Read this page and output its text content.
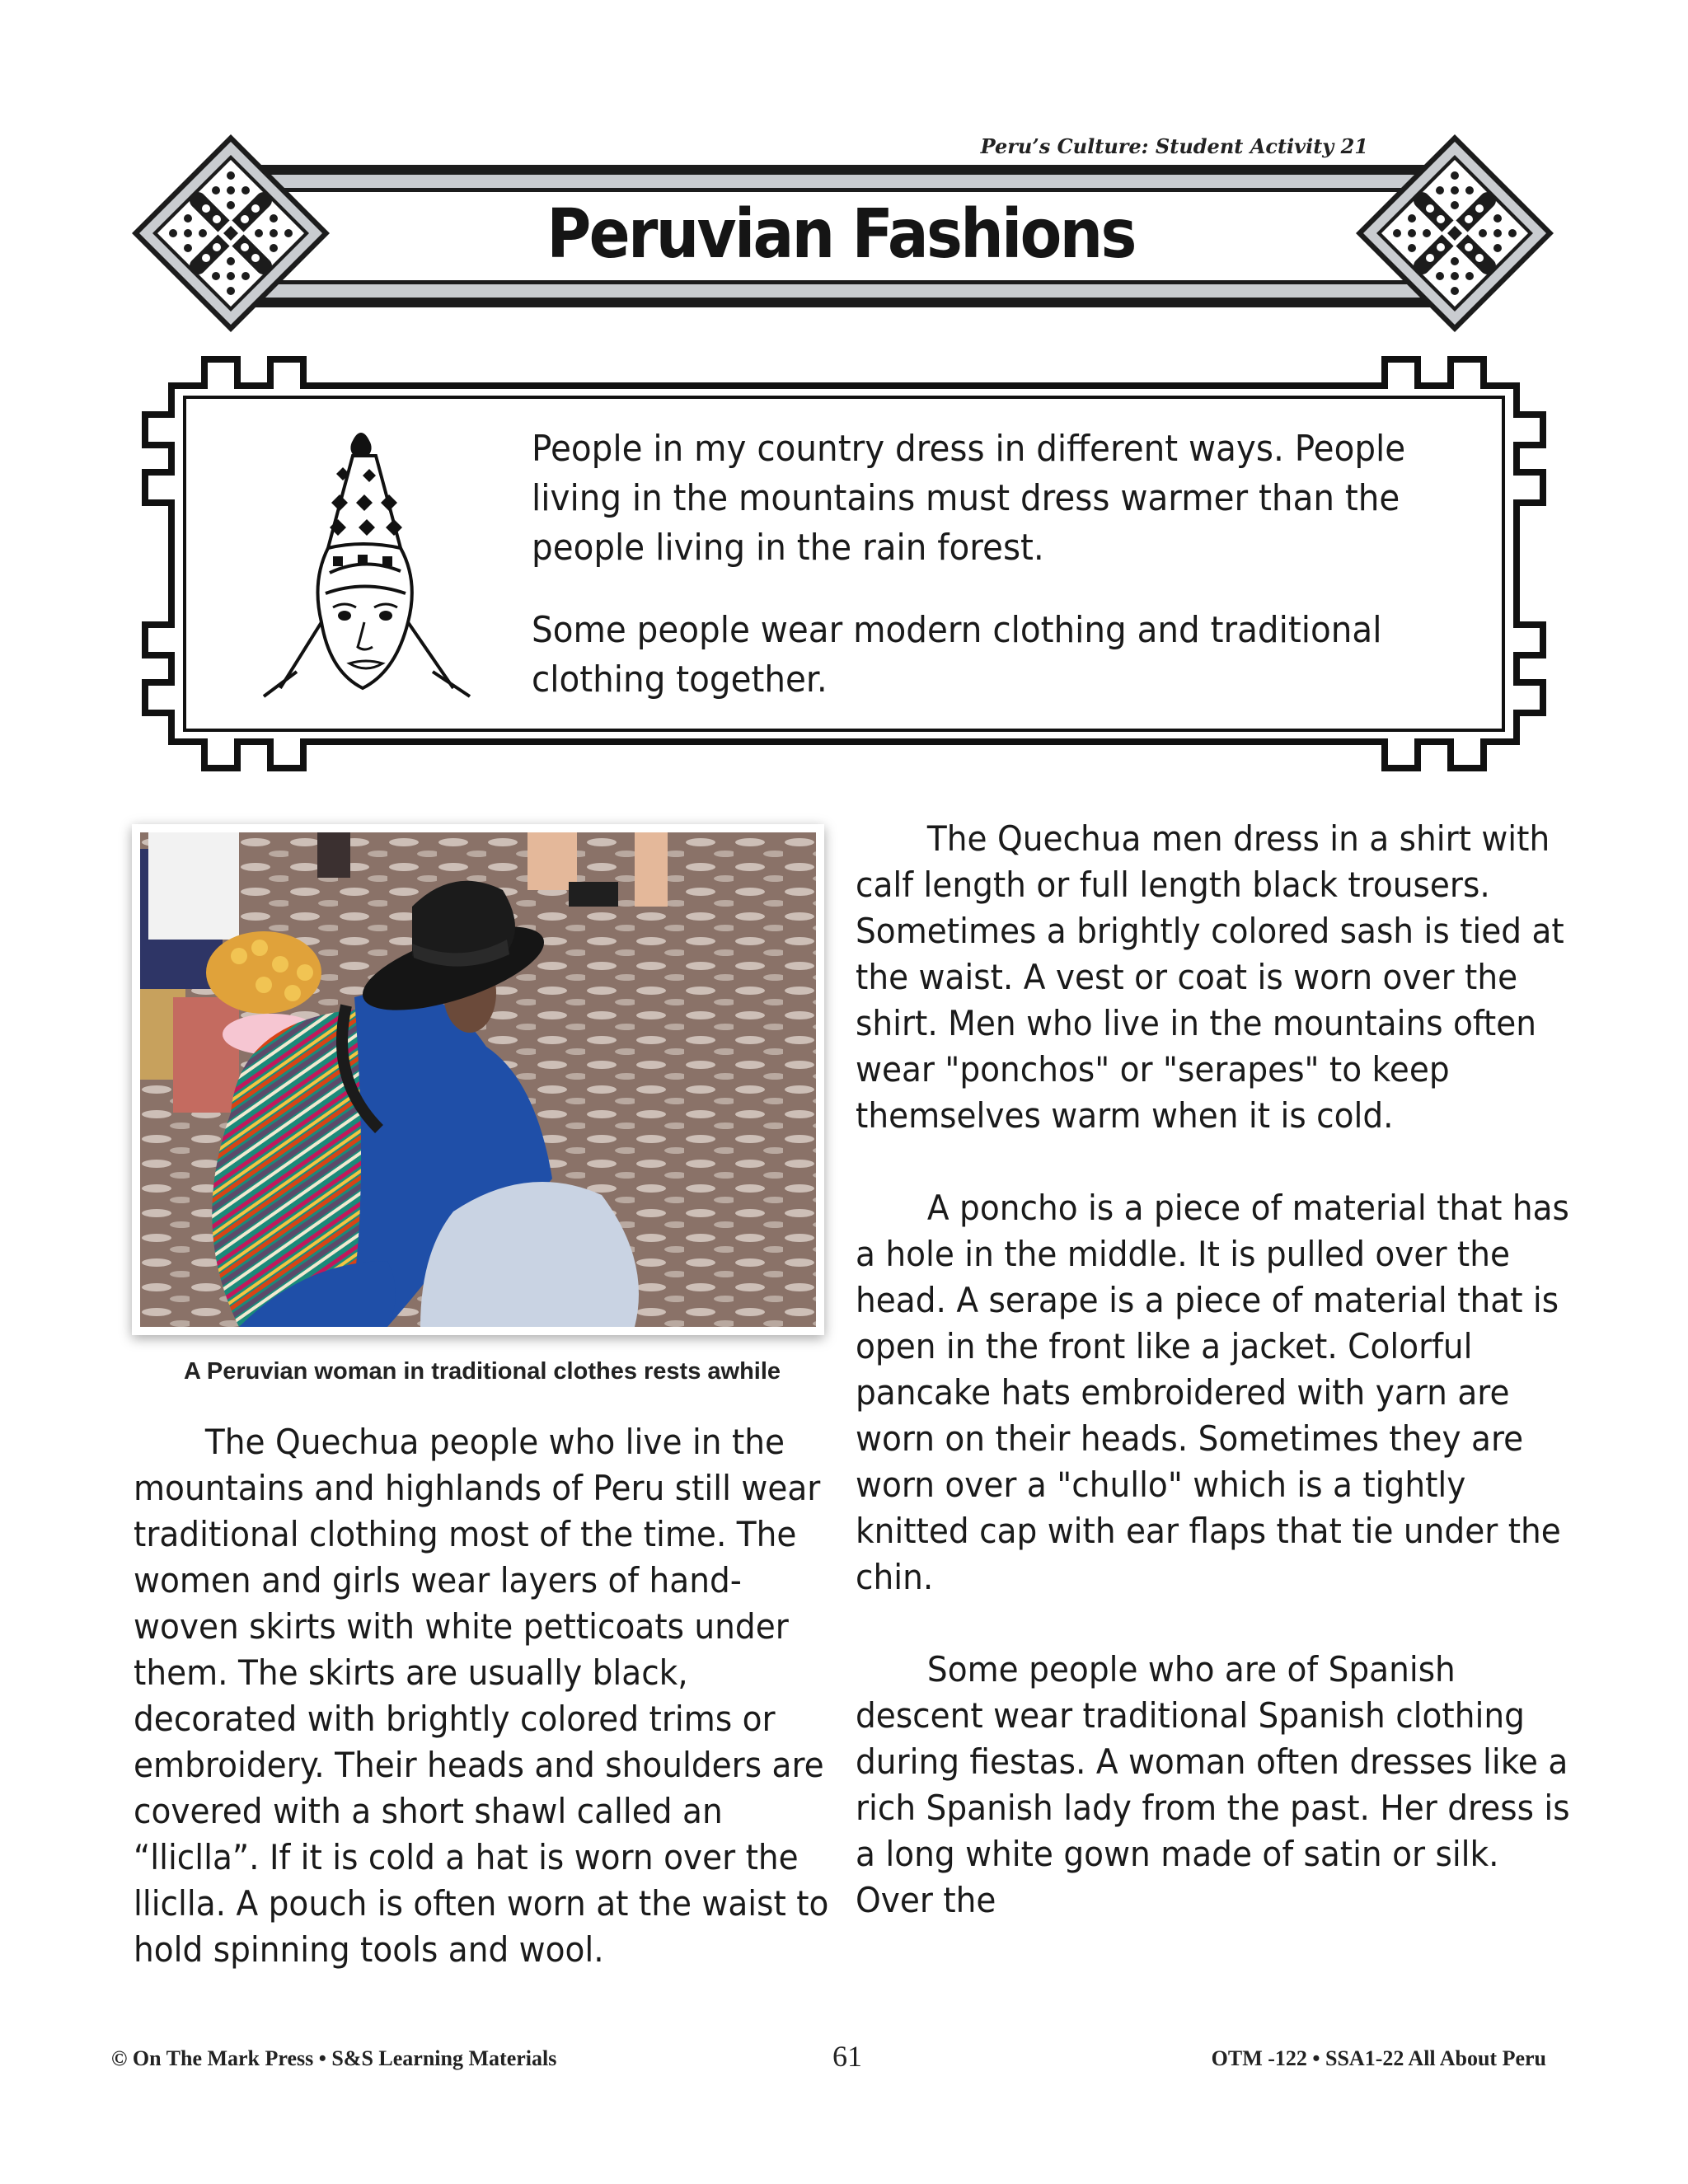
Peru’s Culture: Student Activity 21
Peruvian Fashions

People in my country dress in different ways. People living in the mountains must dress warmer than the people living in the rain forest.

Some people wear modern clothing and traditional clothing together.

A Peruvian woman in traditional clothes rests awhile

The Quechua people who live in the mountains and highlands of Peru still wear traditional clothing most of the time. The women and girls wear layers of hand-woven skirts with white petticoats under them. The skirts are usually black, decorated with brightly colored trims or embroidery. Their heads and shoulders are covered with a short shawl called an “lliclla”. If it is cold a hat is worn over the lliclla. A pouch is often worn at the waist to hold spinning tools and wool.

The Quechua men dress in a shirt with calf length or full length black trousers. Sometimes a brightly colored sash is tied at the waist. A vest or coat is worn over the shirt. Men who live in the mountains often wear "ponchos" or "serapes" to keep themselves warm when it is cold.

A poncho is a piece of material that has a hole in the middle. It is pulled over the head. A serape is a piece of material that is open in the front like a jacket. Colorful pancake hats embroidered with yarn are worn on their heads. Sometimes they are worn over a "chullo" which is a tightly knitted cap with ear flaps that tie under the chin.

Some people who are of Spanish descent wear traditional Spanish clothing during fiestas. A woman often dresses like a rich Spanish lady from the past. Her dress is a long white gown made of satin or silk. Over the

© On The Mark Press • S&S Learning Materials	61	OTM -122 • SSA1-22 All About Peru
